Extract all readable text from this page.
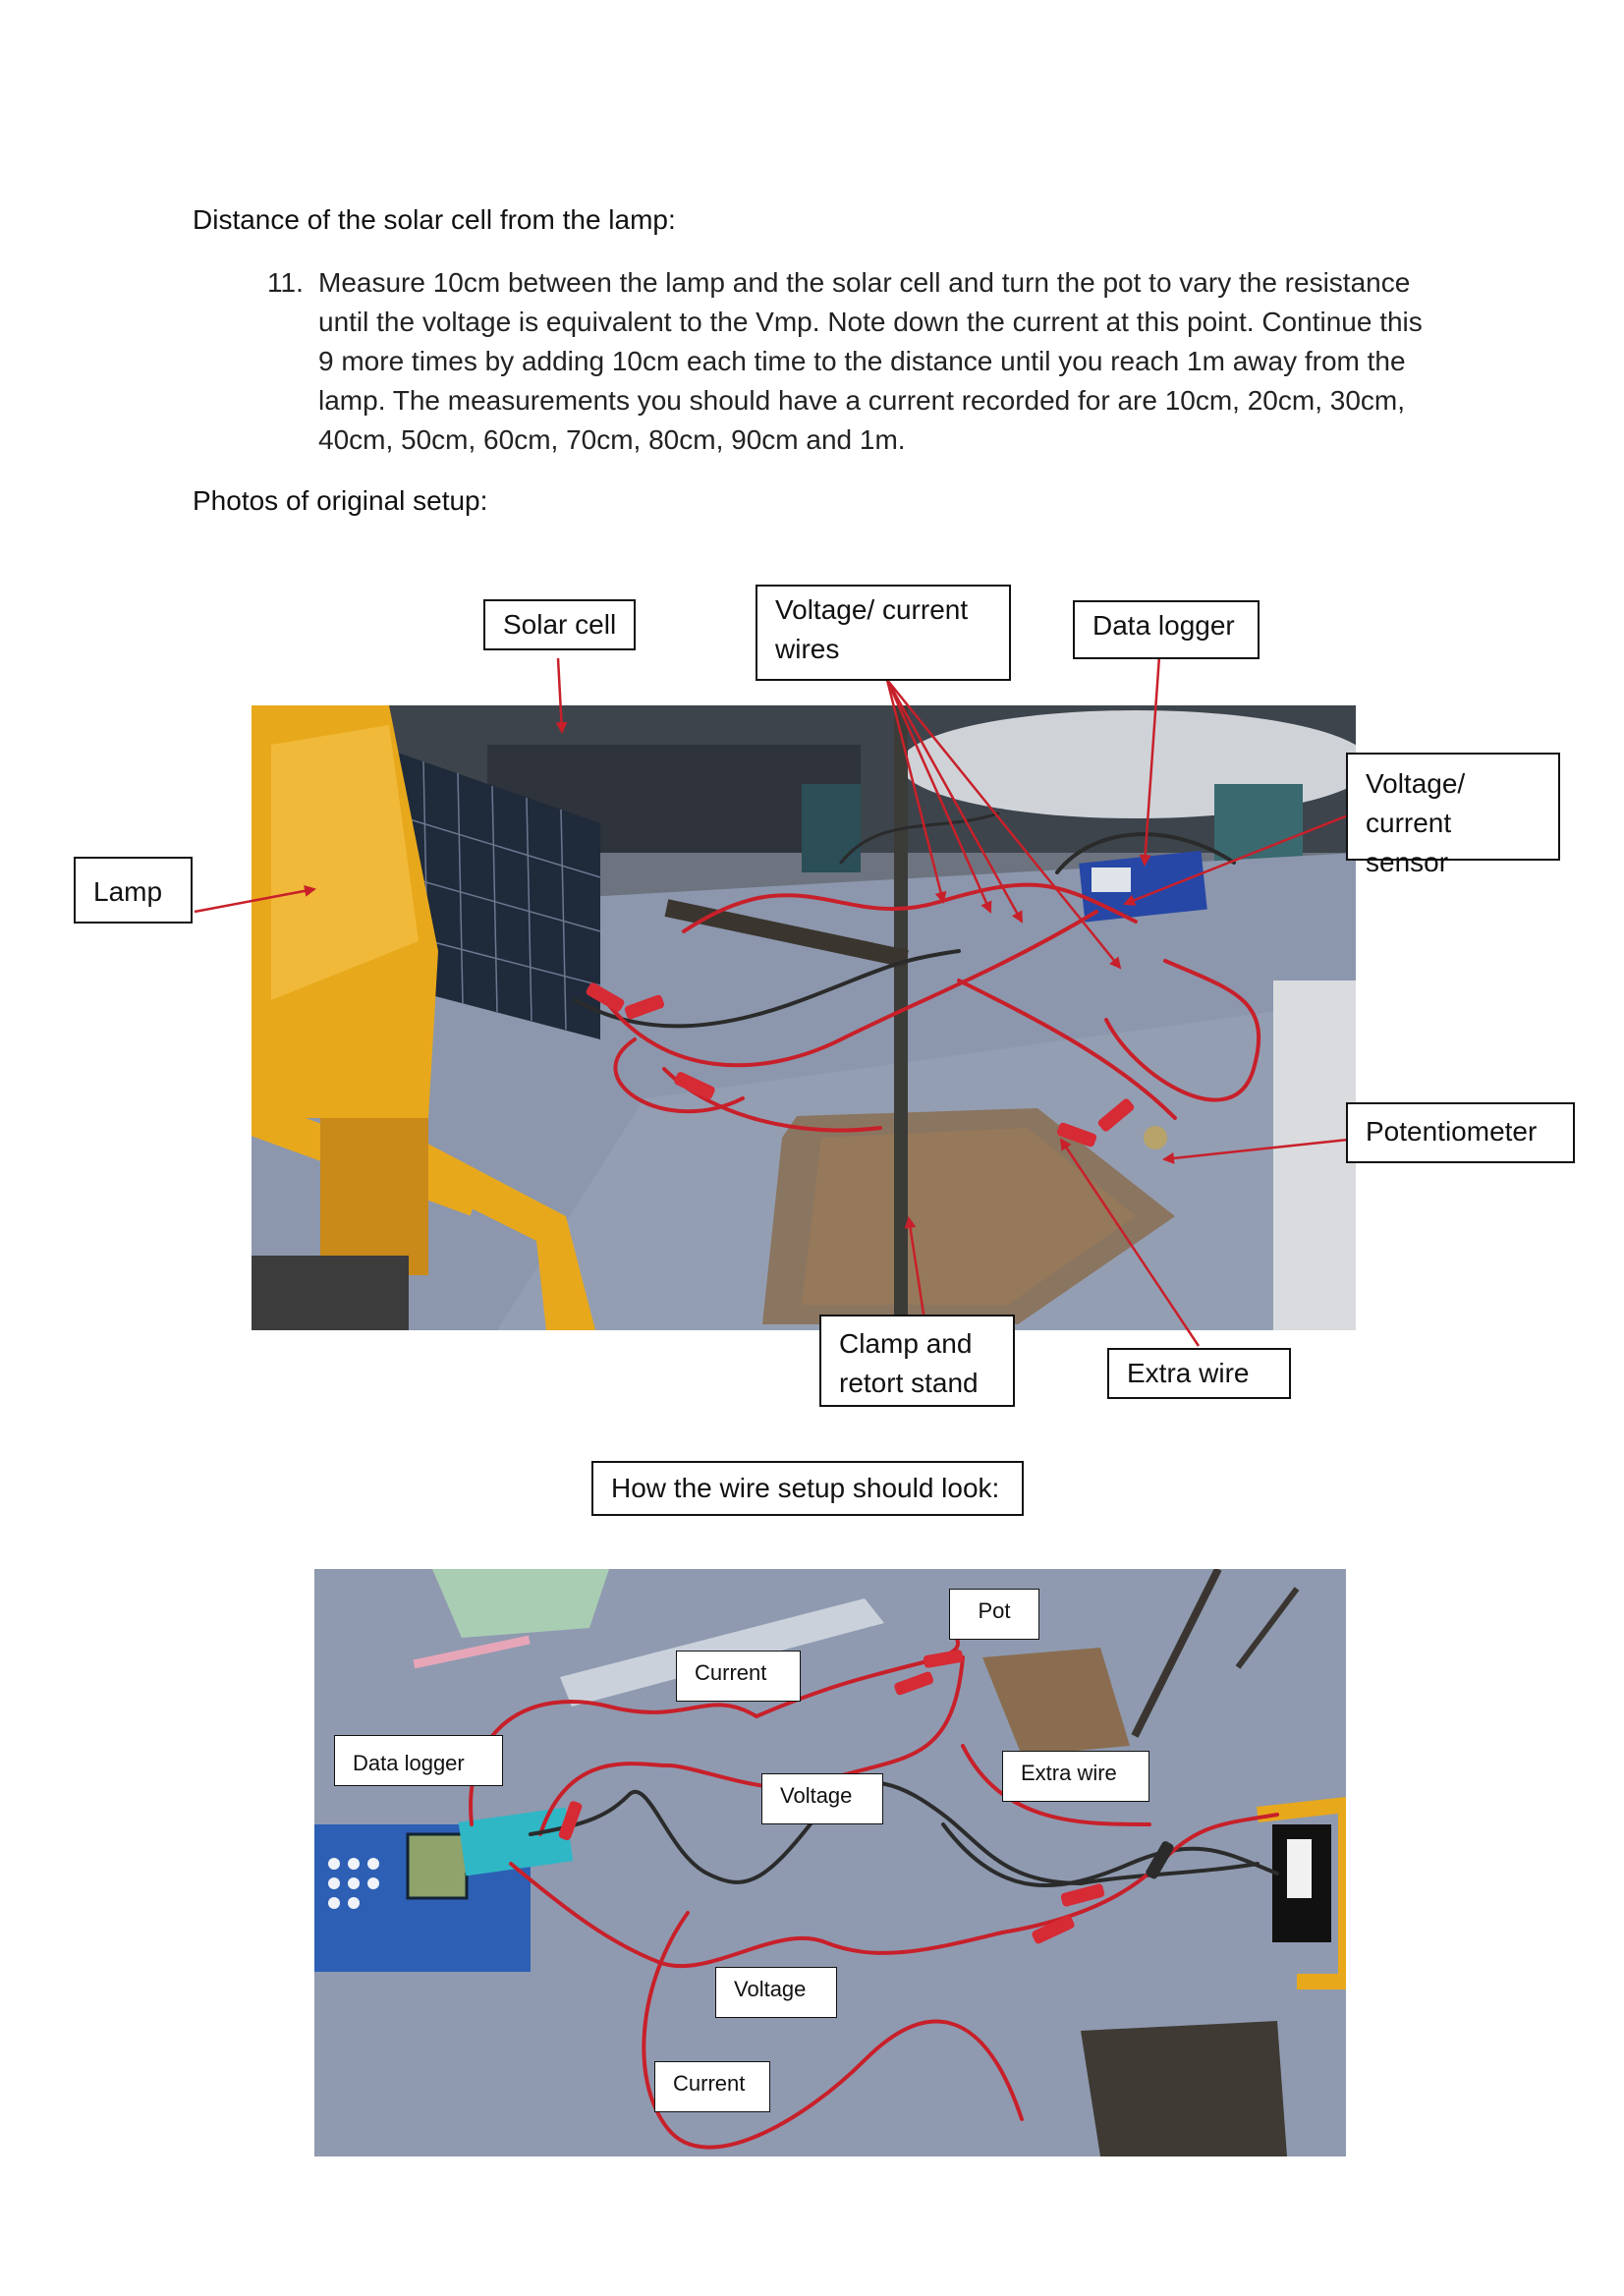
Distance of the solar cell from the lamp:
11. Measure 10cm between the lamp and the solar cell and turn the pot to vary the resistance until the voltage is equivalent to the Vmp. Note down the current at this point. Continue this 9 more times by adding 10cm each time to the distance until you reach 1m away from the lamp. The measurements you should have a current recorded for are 10cm, 20cm, 30cm, 40cm, 50cm, 60cm, 70cm, 80cm, 90cm and 1m.
Photos of original setup:
Solar cell	Voltage/ current wires
Data logger
Lamp
Voltage/ current sensor
Potentiometer
Clamp and retort stand	Extra wire
How the wire setup should look:
Pot
Current
Data logger
Voltage
Extra wire
Voltage
Current
